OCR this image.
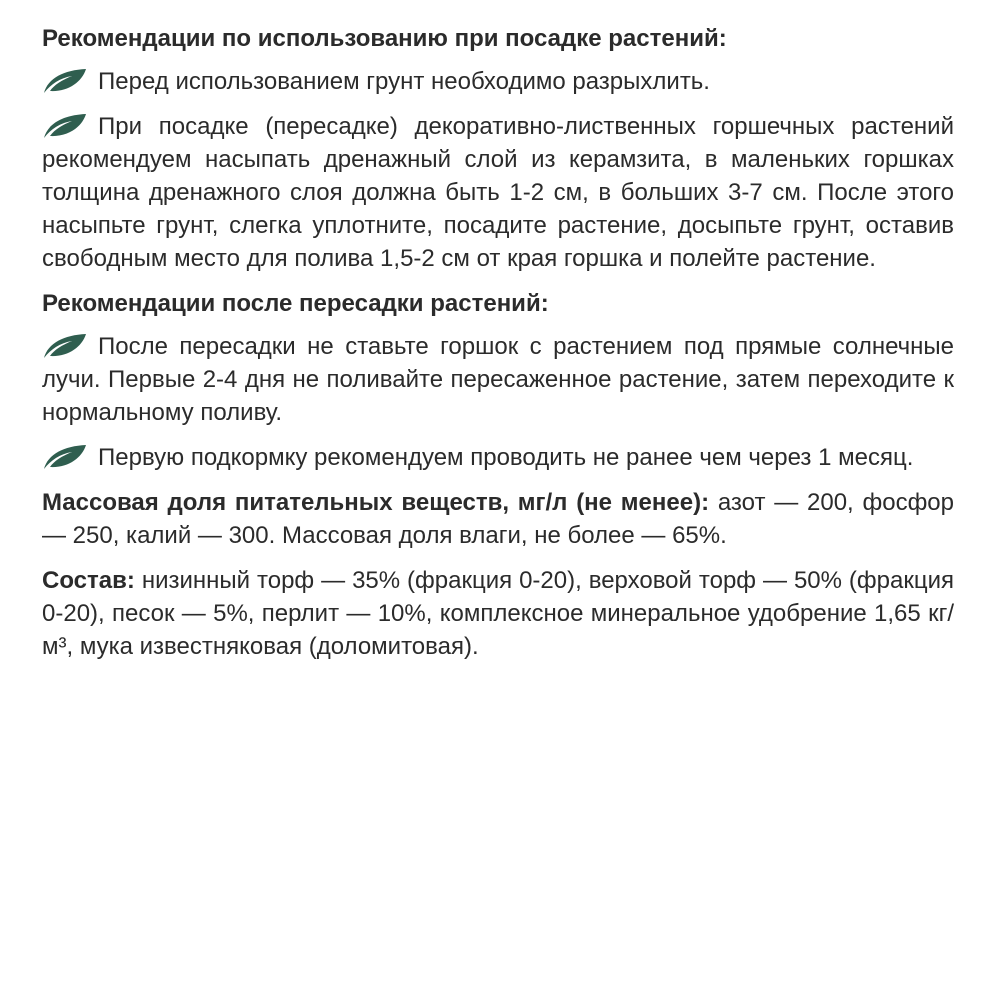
Рекомендации по использованию при посадке растений:
Перед использованием грунт необходимо разрыхлить.
При посадке (пересадке) декоративно-лиственных горшечных растений рекомендуем насыпать дренажный слой из керамзита, в маленьких горшках толщина дренажного слоя должна быть 1-2 см, в больших 3-7 см. После этого насыпьте грунт, слегка уплотните, посадите растение, досыпьте грунт, оставив свободным место для полива 1,5-2 см от края горшка и полейте растение.
Рекомендации после пересадки растений:
После пересадки не ставьте горшок с растением под прямые солнечные лучи. Первые 2-4 дня не поливайте пересаженное растение, затем переходите к нормальному поливу.
Первую подкормку рекомендуем проводить не ранее чем через 1 месяц.
Массовая доля питательных веществ, мг/л (не менее): азот — 200, фосфор — 250, калий — 300. Массовая доля влаги, не более — 65%.
Состав: низинный торф — 35% (фракция 0-20), верховой торф — 50% (фракция 0-20), песок — 5%, перлит — 10%, комплексное минеральное удобрение 1,65 кг/м³, мука известняковая (доломитовая).
